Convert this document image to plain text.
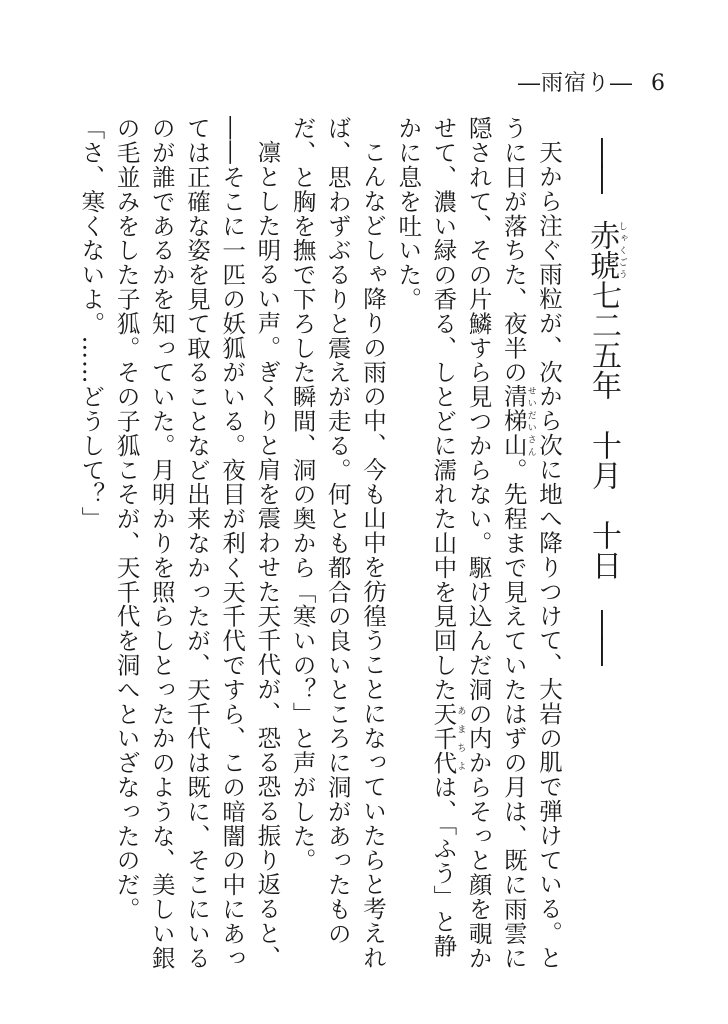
―雨宿り― 6
――

赤琥しゃくごう
七二五年　十月　十日

――

天から注ぐ雨粒が、次から次に地へ降りつけて、大岩の肌で弾けている。とうに日が落ちた、夜半の清梯山せいだいさん。先程まで見えていたはずの月は、既に雨雲に隠されて、その片鱗すら見つからない。駆け込んだ洞の内からそっと顔を覗かせて、濃い緑の香る、しとどに濡れた山中を見回した天千代あまちよは、「ふう」と静かに息を吐いた。

こんなどしゃ降りの雨の中、今も山中を彷徨うことになっていたらと考えれば、思わずぶるりと震えが走る。何とも都合の良いところに洞があったものだ、と胸を撫で下ろした瞬間、洞の奥から「寒いの？」と声がした。

凛とした明るい声。ぎくりと肩を震わせた天千代が、恐る恐る振り返ると、――そこに一匹の妖狐がいる。夜目が利く天千代ですら、この暗闇の中にあっては正確な姿を見て取ることなど出来なかったが、天千代は既に、そこにいるのが誰であるかを知っていた。月明かりを照らしとったかのような、美しい銀の毛並みをした子狐。その子狐こそが、天千代を洞へといざなったのだ。

「さ、寒くないよ。……どうして？」
